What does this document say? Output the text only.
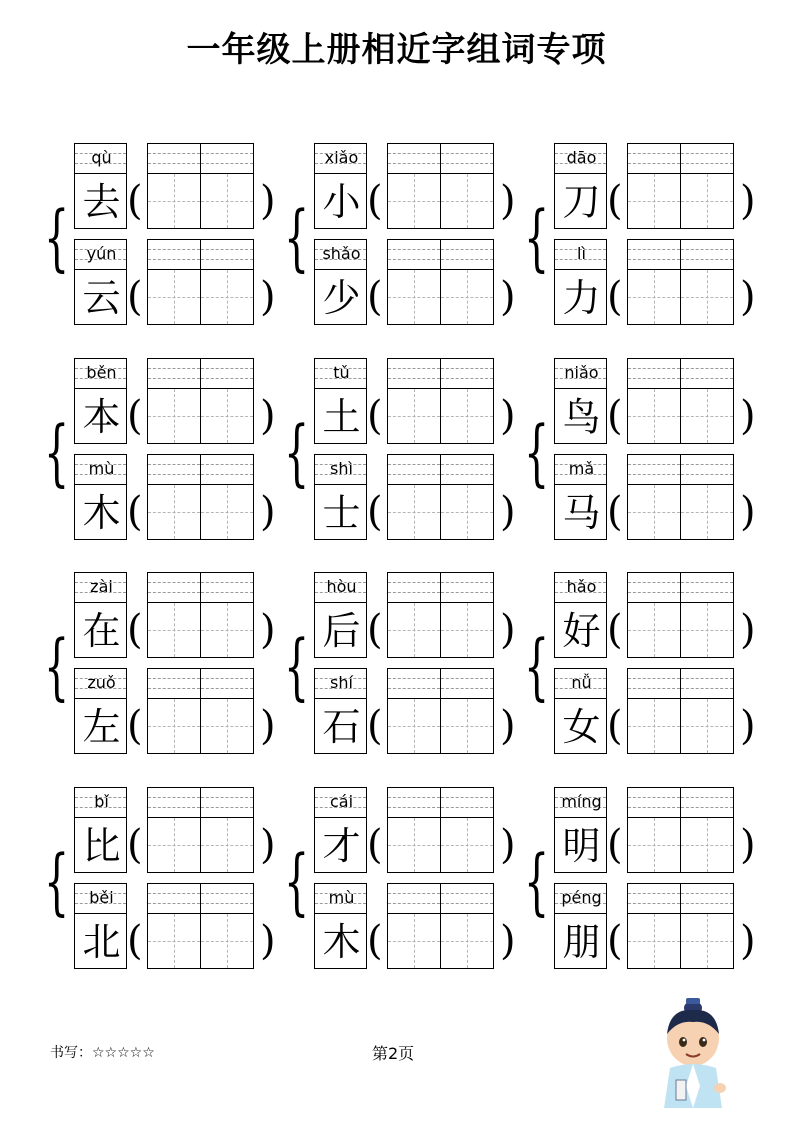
一年级上册相近字组词专项
{
qù
去 (	)
yún
云 (	)
{
xiǎo
小 (	)
shǎo
少 (	)
{
dāo
刀 (	)
lì
力 (	)
{
běn
本 (	)
mù
木 (	)
{
tǔ
土 (	)
shì
士 (	)
{
niǎo
鸟 (	)
mǎ
马 (	)
{
zài
在 (	)
zuǒ
左 (	)
{
hòu
后 (	)
shí
石 (	)
{
hǎo
好 (	)
nǚ
女 (	)
{
bǐ
比 (	)
běi
北 (	)
{
cái
才 (	)
mù
木 (	)
{
míng
明 (	)
péng
朋 (	)
书写：☆☆☆☆☆	第2页
